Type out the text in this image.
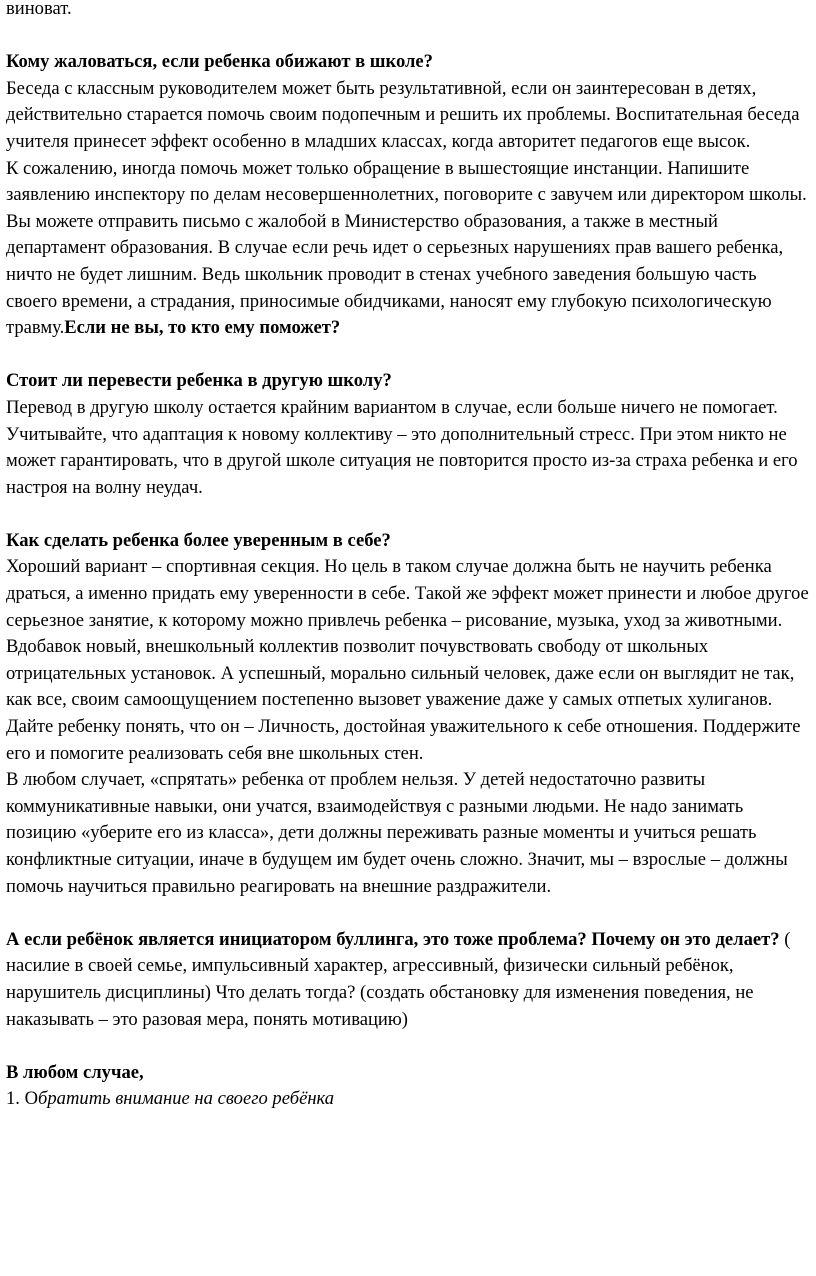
виноват.

Кому жаловаться, если ребенка обижают в школе?

Беседа с классным руководителем может быть результативной, если он заинтересован в детях, действительно старается помочь своим подопечным и решить их проблемы. Воспитательная беседа учителя принесет эффект особенно в младших классах, когда авторитет педагогов еще высок.

К сожалению, иногда помочь может только обращение в вышестоящие инстанции. Напишите заявлению инспектору по делам несовершеннолетних, поговорите с завучем или директором школы. Вы можете отправить письмо с жалобой в Министерство образования, а также в местный департамент образования. В случае если речь идет о серьезных нарушениях прав вашего ребенка, ничто не будет лишним. Ведь школьник проводит в стенах учебного заведения большую часть своего времени, а страдания, приносимые обидчиками, наносят ему глубокую психологическую травму.Если не вы, то кто ему поможет?

Стоит ли перевести ребенка в другую школу?

Перевод в другую школу остается крайним вариантом в случае, если больше ничего не помогает. Учитывайте, что адаптация к новому коллективу – это дополнительный стресс. При этом никто не может гарантировать, что в другой школе ситуация не повторится просто из-за страха ребенка и его настроя на волну неудач.

Как сделать ребенка более уверенным в себе?

Хороший вариант – спортивная секция. Но цель в таком случае должна быть не научить ребенка драться, а именно придать ему уверенности в себе. Такой же эффект может принести и любое другое серьезное занятие, к которому можно привлечь ребенка – рисование, музыка, уход за животными. Вдобавок новый, внешкольный коллектив позволит почувствовать свободу от школьных отрицательных установок. А успешный, морально сильный человек, даже если он выглядит не так, как все, своим самоощущением постепенно вызовет уважение даже у самых отпетых хулиганов.

Дайте ребенку понять, что он – Личность, достойная уважительного к себе отношения. Поддержите его и помогите реализовать себя вне школьных стен.

В любом случает, «спрятать» ребенка от проблем нельзя. У детей недостаточно развиты коммуникативные навыки, они учатся, взаимодействуя с разными людьми. Не надо занимать позицию «уберите его из класса», дети должны переживать разные моменты и учиться решать конфликтные ситуации, иначе в будущем им будет очень сложно. Значит, мы – взрослые – должны помочь научиться правильно реагировать на внешние раздражители.

А если ребёнок является инициатором буллинга, это тоже проблема? Почему он это делает? ( насилие в своей семье, импульсивный характер, агрессивный, физически сильный ребёнок, нарушитель дисциплины) Что делать тогда? (создать обстановку для изменения поведения, не наказывать – это разовая мера, понять мотивацию)

В любом случае,

1. Обратить внимание на своего ребёнка
